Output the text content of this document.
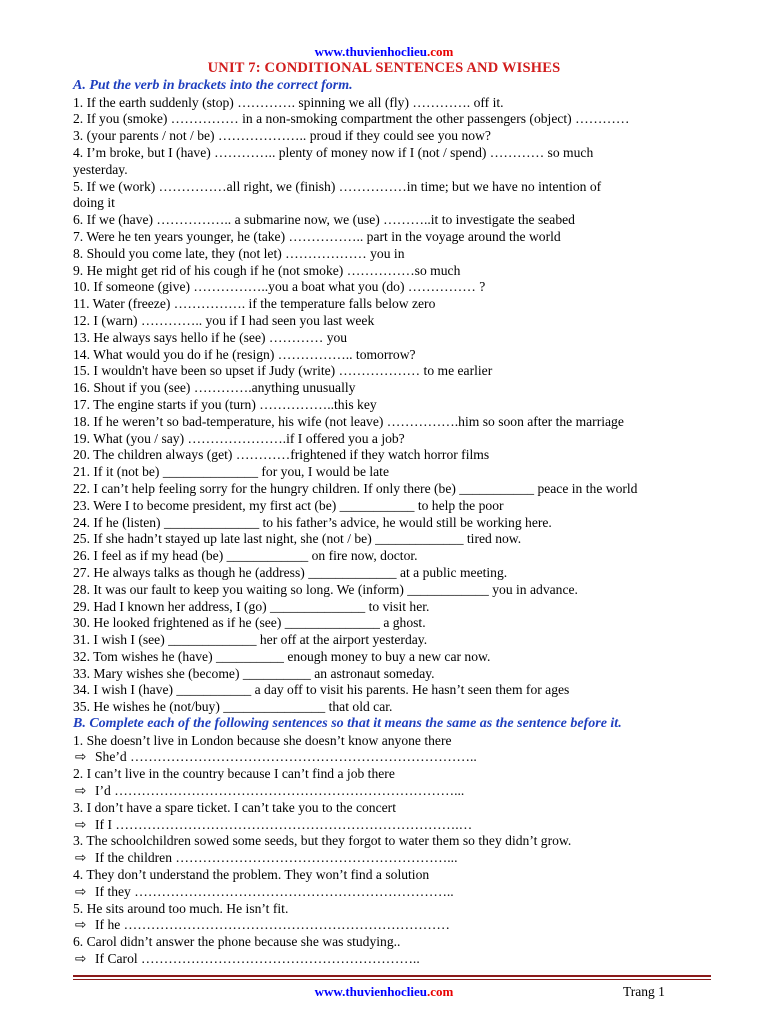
www.thuvienhoclieu.com
UNIT 7: CONDITIONAL SENTENCES AND WISHES
A. Put the verb in brackets into the correct form.
1. If the earth suddenly (stop) …………. spinning we all (fly) …………. off it.
2. If you (smoke) …………… in a non-smoking compartment the other passengers (object) …………
3. (your parents / not / be) ……………….. proud if they could see you now?
4. I’m broke, but I (have) ………….. plenty of money now if I (not / spend) ………… so much
yesterday.
5. If we (work) ……………all right, we (finish) ……………in time; but we have no intention of
doing it
6. If we (have) …………….. a submarine now, we (use) ………..it to investigate the seabed
7. Were he ten years younger, he (take) …………….. part in the voyage around the world
8. Should you come late, they (not let) ……………… you in
9. He might get rid of his cough if he (not smoke) ……………so much
10. If someone (give) ……………..you a boat what you (do) …………… ?
11. Water (freeze) ……………. if the temperature falls below zero
12. I (warn) ………….. you if I had seen you last week
13. He always says hello if he (see) ………… you
14. What would you do if he (resign) …………….. tomorrow?
15. I wouldn't have been so upset if Judy (write) ……………… to me earlier
16. Shout if you (see) ………….anything unusually
17. The engine starts if you (turn) ……………..this key
18. If he weren’t so bad-temperature, his wife (not leave) …………….him so soon after the marriage
19. What (you / say) ………………….if I offered you a job?
20. The children always (get) …………frightened if they watch horror films
21. If it (not be) ______________ for you, I would be late
22. I can’t help feeling sorry for the hungry children. If only there (be) ___________ peace in the world
23. Were I to become president, my first act (be) ___________ to help the poor
24. If he (listen) ______________ to his father’s advice, he would still be working here.
25. If she hadn’t stayed up late last night, she (not / be) _____________ tired now.
26. I feel as if my head (be) ____________ on fire now, doctor.
27. He always talks as though he (address) _____________ at a public meeting.
28. It was our fault to keep you waiting so long. We (inform) ____________ you in advance.
29. Had I known her address, I (go) ______________ to visit her.
30. He looked frightened as if he (see) ______________ a ghost.
31. I wish I (see) _____________ her off at the airport yesterday.
32. Tom wishes he (have) __________ enough money to buy a new car now.
33. Mary wishes she (become) __________ an astronaut someday.
34. I wish I (have) ___________ a day off to visit his parents. He hasn’t seen them for ages
35. He wishes he (not/buy) _______________ that old car.
B. Complete each of the following sentences so that it means the same as the sentence before it.
1. She doesn’t live in London because she doesn’t know anyone there
⇨ She’d …………………………………………………………………..
2. I can’t live in the country because I can’t find a job there
⇨ I’d …………………………………………………………………...
3. I don’t have a spare ticket. I can’t take you to the concert
⇨ If I ………………………………………………………………….…
3. The schoolchildren sowed some seeds, but they forgot to water them so they didn’t grow.
⇨ If the children ……………………………………………………...
4. They don’t understand the problem. They won’t find a solution
⇨ If they ……………………………………………………………..
5. He sits around too much. He isn’t fit.
⇨ If he ………………………………………………………………
6. Carol didn’t answer the phone because she was studying..
⇨ If Carol ……………………………………………………..
www.thuvienhoclieu.com	Trang 1
